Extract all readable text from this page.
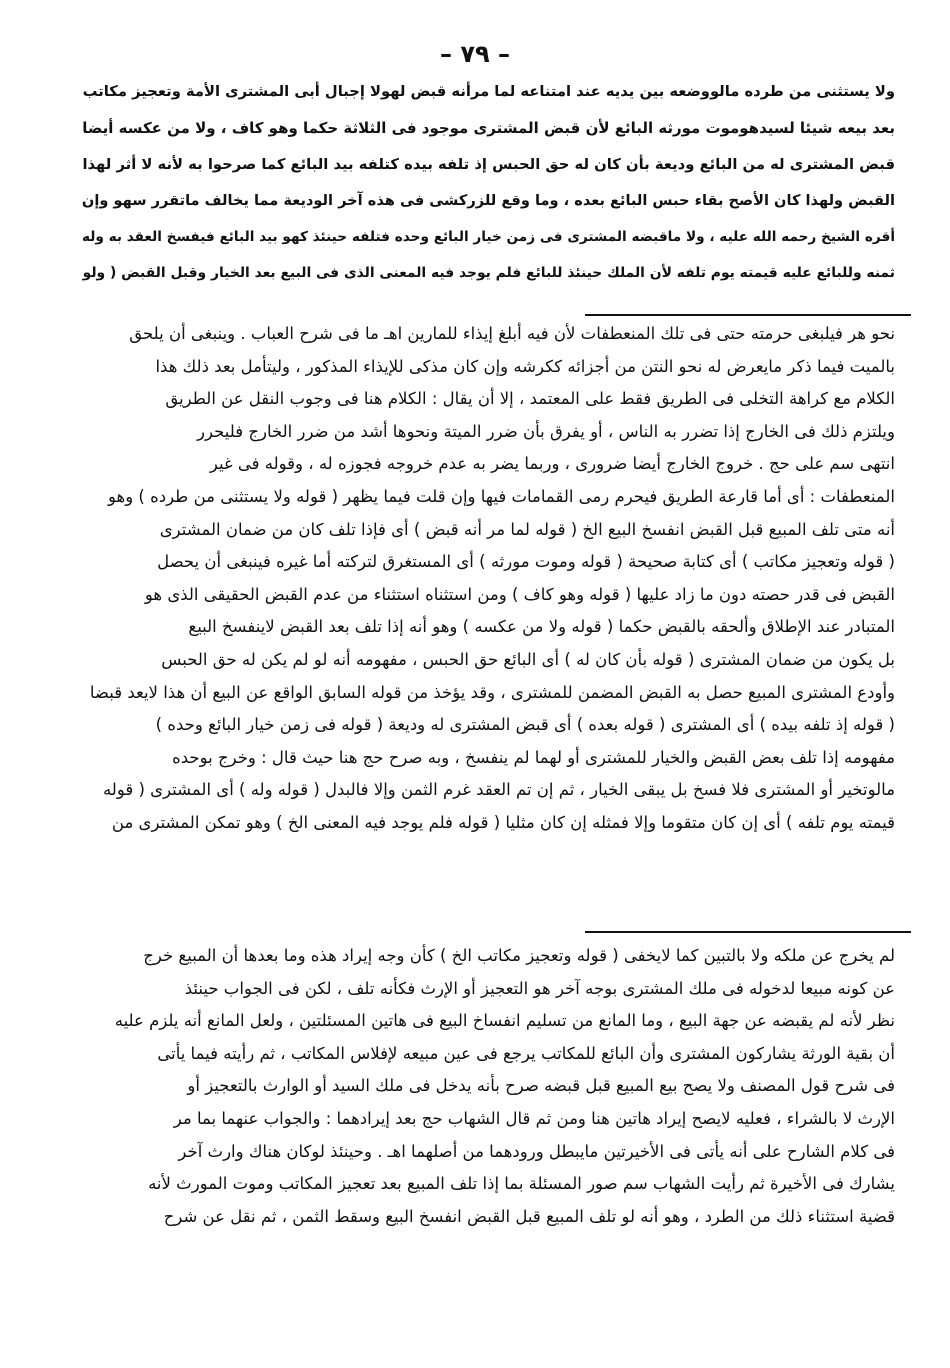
– ٧٩ –
ولا يستثنى من طرده مالووضعه بين يديه عند امتناعه لما مرأنه قبض لهولا إجبال أبى المشترى الأمة وتعجيز مكاتب
بعد بيعه شيئا لسيدهوموت مورثه البائع لأن قبض المشترى موجود فى الثلاثة حكما وهو كاف ، ولا من عكسه أيضا
قبض المشترى له من البائع وديعة بأن كان له حق الحبس إذ تلفه بيده كتلفه بيد البائع كما صرحوا به لأنه لا أثر لهذا
القبض ولهذا كان الأصح بقاء حبس البائع بعده ، وما وقع للزركشى فى هذه آخر الوديعة مما يخالف ماتقرر سهو وإن
أقره الشيخ رحمه الله عليه ، ولا ماقبضه المشترى فى زمن خيار البائع وحده فتلفه حينئذ كهو بيد البائع فيفسخ العقد به وله
ثمنه وللبائع عليه قيمته يوم تلفه لأن الملك حينئذ للبائع فلم يوجد فيه المعنى الذى فى البيع بعد الخيار وقبل القبض ( ولو
نحو هر فيلبغى حرمته حتى فى تلك المنعطفات لأن فيه أبلغ إيذاء للمارين اهـ ما فى شرح العباب . وينبغى أن يلحق
بالميت فيما ذكر مايعرض له نحو النتن من أجزائه ككرشه وإن كان مذكى للإيذاء المذكور ، وليتأمل بعد ذلك هذا
الكلام مع كراهة التخلى فى الطريق فقط على المعتمد ، إلا أن يقال : الكلام هنا فى وجوب النقل عن الطريق
ويلتزم ذلك فى الخارج إذا تضرر به الناس ، أو يفرق بأن ضرر الميتة ونحوها أشد من ضرر الخارج فليحرر
انتهى سم على حج . خروج الخارج أيضا ضرورى ، وربما يضر به عدم خروجه فجوزه له ، وقوله فى غير
المنعطفات : أى أما قارعة الطريق فيحرم رمى القمامات فيها وإن قلت فيما يظهر ( قوله ولا يستثنى من طرده ) وهو
أنه متى تلف المبيع قبل القبض انفسخ البيع الخ ( قوله لما مر أنه قبض ) أى فإذا تلف كان من ضمان المشترى
( قوله وتعجيز مكاتب ) أى كتابة صحيحة ( قوله وموت مورثه ) أى المستغرق لتركته أما غيره فينبغى أن يحصل
القبض فى قدر حصته دون ما زاد عليها ( قوله وهو كاف ) ومن استثناه استثناء من عدم القبض الحقيقى الذى هو
المتبادر عند الإطلاق وألحقه بالقبض حكما ( قوله ولا من عكسه ) وهو أنه إذا تلف بعد القبض لاينفسخ البيع
بل يكون من ضمان المشترى ( قوله بأن كان له ) أى البائع حق الحبس ، مفهومه أنه لو لم يكن له حق الحبس
وأودع المشترى المبيع حصل به القبض المضمن للمشترى ، وقد يؤخذ من قوله السابق الواقع عن البيع أن هذا لايعد قبضا
( قوله إذ تلفه بيده ) أى المشترى ( قوله بعده ) أى قبض المشترى له وديعة ( قوله فى زمن خيار البائع وحده )
مفهومه إذا تلف بعض القبض والخيار للمشترى أو لهما لم ينفسخ ، وبه صرح حج هنا حيث قال : وخرج بوحده
مالوتخير أو المشترى فلا فسخ بل يبقى الخيار ، ثم إن تم العقد غرم الثمن وإلا فالبدل ( قوله وله ) أى المشترى ( قوله
قيمته يوم تلفه ) أى إن كان متقوما وإلا فمثله إن كان مثليا ( قوله فلم يوجد فيه المعنى الخ ) وهو تمكن المشترى من
لم يخرج عن ملكه ولا بالتبين كما لايخفى ( قوله وتعجيز مكاتب الخ ) كأن وجه إيراد هذه وما بعدها أن المبيع خرج
عن كونه مبيعا لدخوله فى ملك المشترى بوجه آخر هو التعجيز أو الإرث فكأنه تلف ، لكن فى الجواب حينئذ
نظر لأنه لم يقبضه عن جهة البيع ، وما المانع من تسليم انفساخ البيع فى هاتين المسئلتين ، ولعل المانع أنه يلزم عليه
أن بقية الورثة يشاركون المشترى وأن البائع للمكاتب يرجع فى عين مبيعه لإفلاس المكاتب ، ثم رأيته فيما يأتى
فى شرح قول المصنف ولا يصح بيع المبيع قبل قبضه صرح بأنه يدخل فى ملك السيد أو الوارث بالتعجيز أو
الإرث لا بالشراء ، فعليه لايصح إيراد هاتين هنا ومن ثم قال الشهاب حج بعد إيرادهما : والجواب عنهما بما مر
فى كلام الشارح على أنه يأتى فى الأخيرتين مايبطل ورودهما من أصلهما اهـ . وحينئذ لوكان هناك وارث آخر
يشارك فى الأخيرة ثم رأيت الشهاب سم صور المسئلة بما إذا تلف المبيع بعد تعجيز المكاتب وموت المورث لأنه
قضية استثناء ذلك من الطرد ، وهو أنه لو تلف المبيع قبل القبض انفسخ البيع وسقط الثمن ، ثم نقل عن شرح
